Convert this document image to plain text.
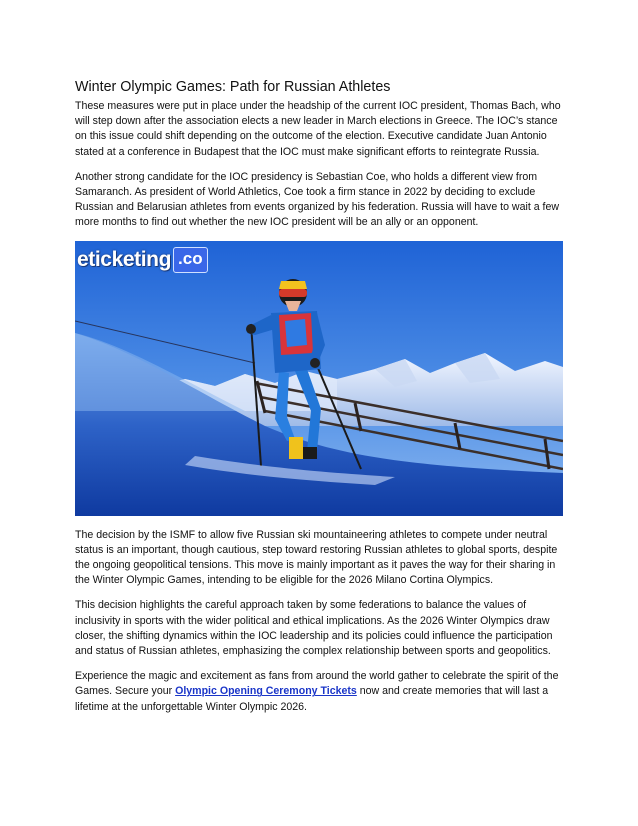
Winter Olympic Games: Path for Russian Athletes

These measures were put in place under the headship of the current IOC president, Thomas Bach, who will step down after the association elects a new leader in March elections in Greece. The IOC’s stance on this issue could shift depending on the outcome of the election. Executive candidate Juan Antonio stated at a conference in Budapest that the IOC must make significant efforts to reintegrate Russia.

Another strong candidate for the IOC presidency is Sebastian Coe, who holds a different view from Samaranch. As president of World Athletics, Coe took a firm stance in 2022 by deciding to exclude Russian and Belarusian athletes from events organized by his federation. Russia will have to wait a few more months to find out whether the new IOC president will be an ally or an opponent.

eticketing .co

The decision by the ISMF to allow five Russian ski mountaineering athletes to compete under neutral status is an important, though cautious, step toward restoring Russian athletes to global sports, despite the ongoing geopolitical tensions. This move is mainly important as it paves the way for their sharing in the Winter Olympic Games, intending to be eligible for the 2026 Milano Cortina Olympics.

This decision highlights the careful approach taken by some federations to balance the values of inclusivity in sports with the wider political and ethical implications. As the 2026 Winter Olympics draw closer, the shifting dynamics within the IOC leadership and its policies could influence the participation and status of Russian athletes, emphasizing the complex relationship between sports and geopolitics.

Experience the magic and excitement as fans from around the world gather to celebrate the spirit of the Games. Secure your Olympic Opening Ceremony Tickets now and create memories that will last a lifetime at the unforgettable Winter Olympic 2026.
